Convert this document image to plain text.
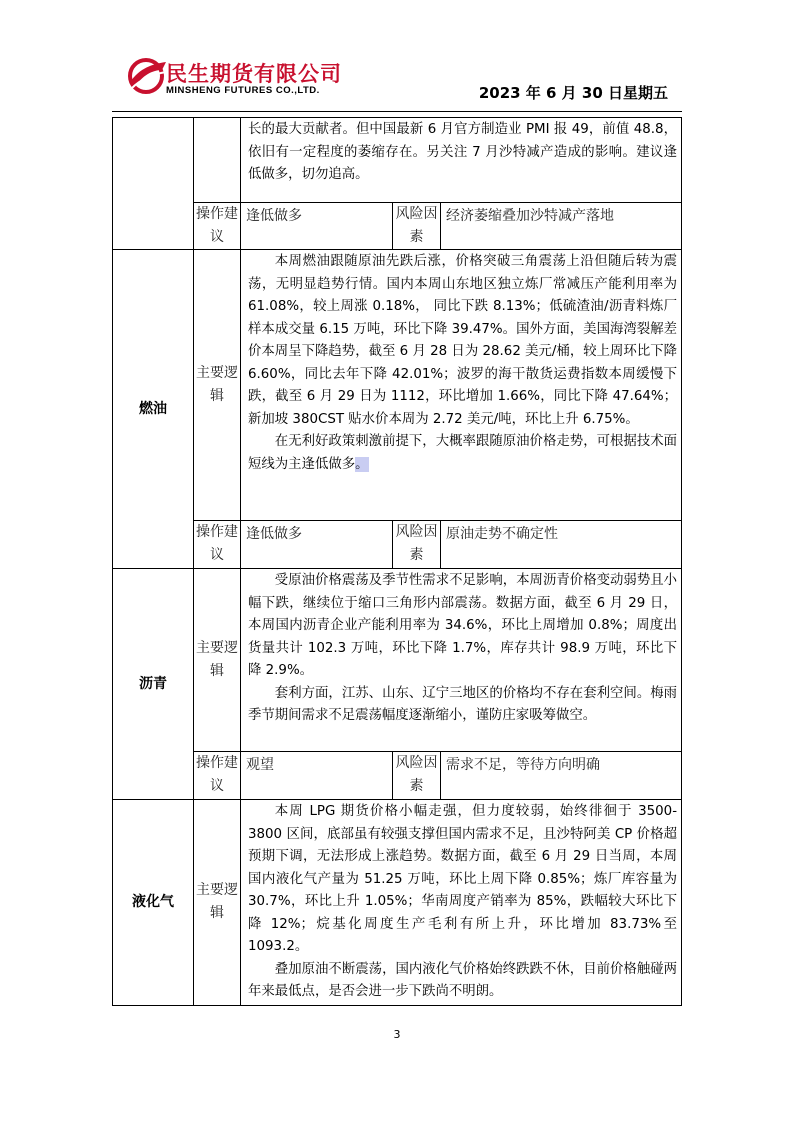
民生期货有限公司
MINSHENG FUTURES CO.,LTD.	2023 年 6 月 30 日星期五

		长的最大贡献者。但中国最新 6 月官方制造业 PMI 报 49，前值 48.8，依旧有一定程度的萎缩存在。另关注 7 月沙特减产造成的影响。建议逢低做多，切勿追高。		

	操作建议	逢低做多	风险因素	经济萎缩叠加沙特减产落地
燃油	主要逻辑	本周燃油跟随原油先跌后涨，价格突破三角震荡上沿但随后转为震荡，无明显趋势行情。国内本周山东地区独立炼厂常减压产能利用率为 61.08%，较上周涨 0.18%， 同比下跌 8.13%；低硫渣油/沥青料炼厂样本成交量 6.15 万吨，环比下降 39.47%。国外方面，美国海湾裂解差价本周呈下降趋势，截至 6 月 28 日为 28.62 美元/桶，较上周环比下降 6.60%，同比去年下降 42.01%；波罗的海干散货运费指数本周缓慢下跌，截至 6 月 29 日为 1112，环比增加 1.66%，同比下降 47.64%；新加坡 380CST 贴水价本周为 2.72 美元/吨，环比上升 6.75%。

在无利好政策刺激前提下，大概率跟随原油价格走势，可根据技术面短线为主逢低做多。		

	操作建议	逢低做多	风险因素	原油走势不确定性
沥青	主要逻辑	受原油价格震荡及季节性需求不足影响，本周沥青价格变动弱势且小幅下跌，继续位于缩口三角形内部震荡。数据方面，截至 6 月 29 日，本周国内沥青企业产能利用率为 34.6%，环比上周增加 0.8%；周度出货量共计 102.3 万吨，环比下降 1.7%，库存共计 98.9 万吨，环比下降 2.9%。

套利方面，江苏、山东、辽宁三地区的价格均不存在套利空间。梅雨季节期间需求不足震荡幅度逐渐缩小，谨防庄家吸筹做空。		

	操作建议	观望	风险因素	需求不足，等待方向明确
液化气	主要逻辑	本周 LPG 期货价格小幅走强，但力度较弱，始终徘徊于 3500-3800 区间，底部虽有较强支撑但国内需求不足，且沙特阿美 CP 价格超预期下调，无法形成上涨趋势。数据方面，截至 6 月 29 日当周，本周国内液化气产量为 51.25 万吨，环比上周下降 0.85%；炼厂库容量为 30.7%，环比上升 1.05%；华南周度产销率为 85%，跌幅较大环比下降 12%；烷基化周度生产毛利有所上升，环比增加 83.73%至 1093.2。

叠加原油不断震荡，国内液化气价格始终跌跌不休，目前价格触碰两年来最低点，是否会进一步下跌尚不明朗。		

3
